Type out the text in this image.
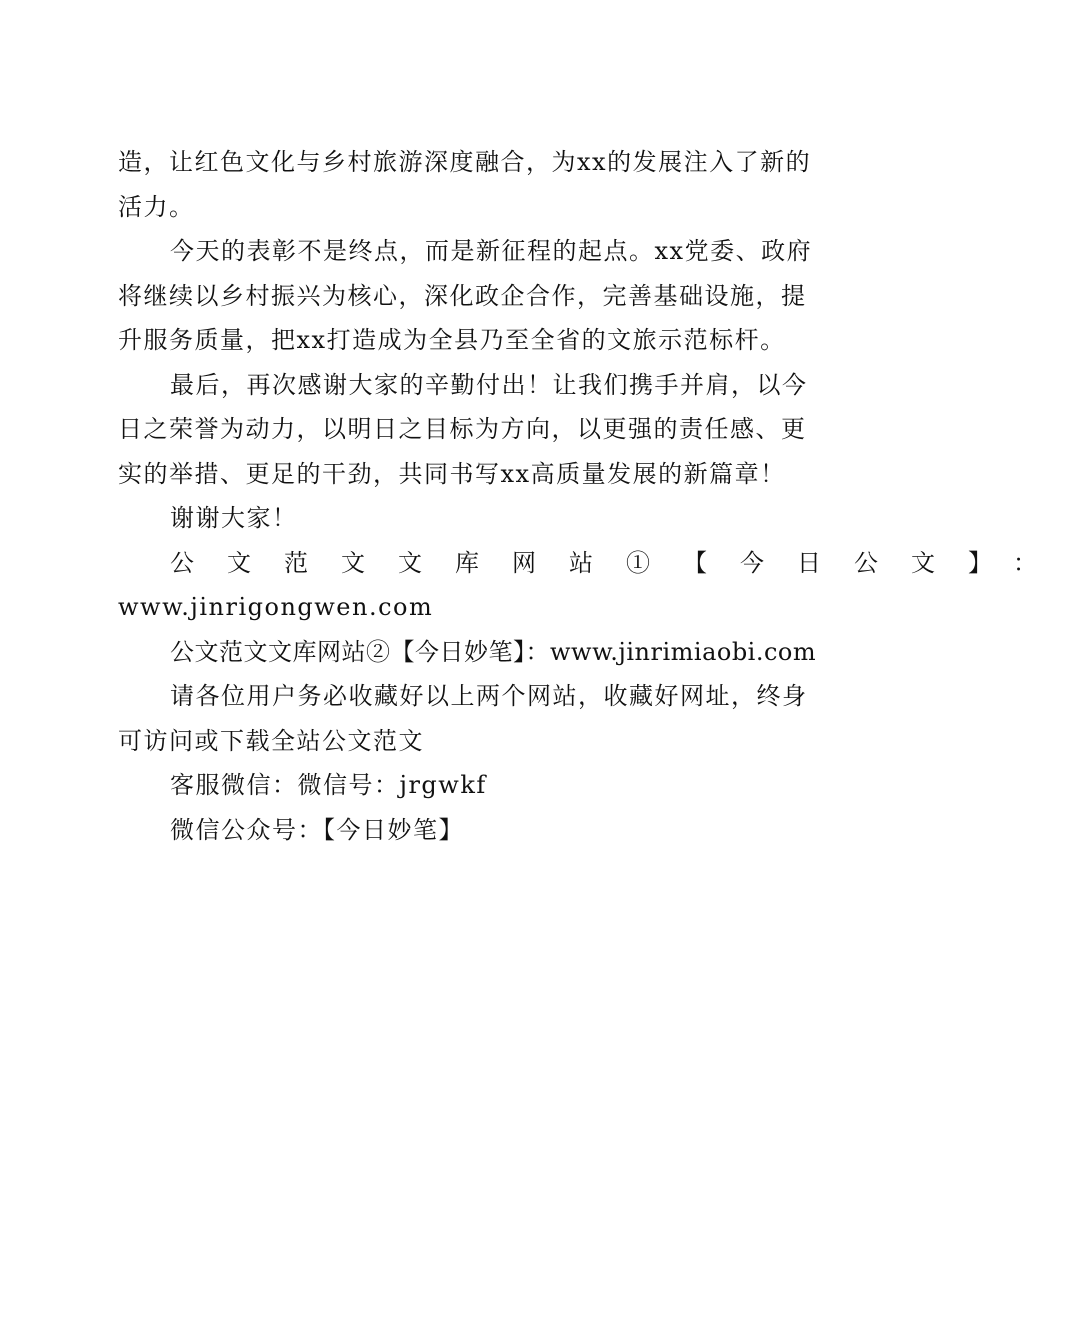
造，让红色文化与乡村旅游深度融合，为xx的发展注入了新的
活力。

今天的表彰不是终点，而是新征程的起点。xx党委、政府
将继续以乡村振兴为核心，深化政企合作，完善基础设施，提
升服务质量，把xx打造成为全县乃至全省的文旅示范标杆。

最后，再次感谢大家的辛勤付出！让我们携手并肩，以今
日之荣誉为动力，以明日之目标为方向，以更强的责任感、更
实的举措、更足的干劲，共同书写xx高质量发展的新篇章！

谢谢大家！

公文范文文库网站①【今日公文】：
www.jinrigongwen.com

公文范文文库网站②【今日妙笔】：www.jinrimiaobi.com

请各位用户务必收藏好以上两个网站，收藏好网址，终身
可访问或下载全站公文范文

客服微信：微信号：jrgwkf

微信公众号：【今日妙笔】
